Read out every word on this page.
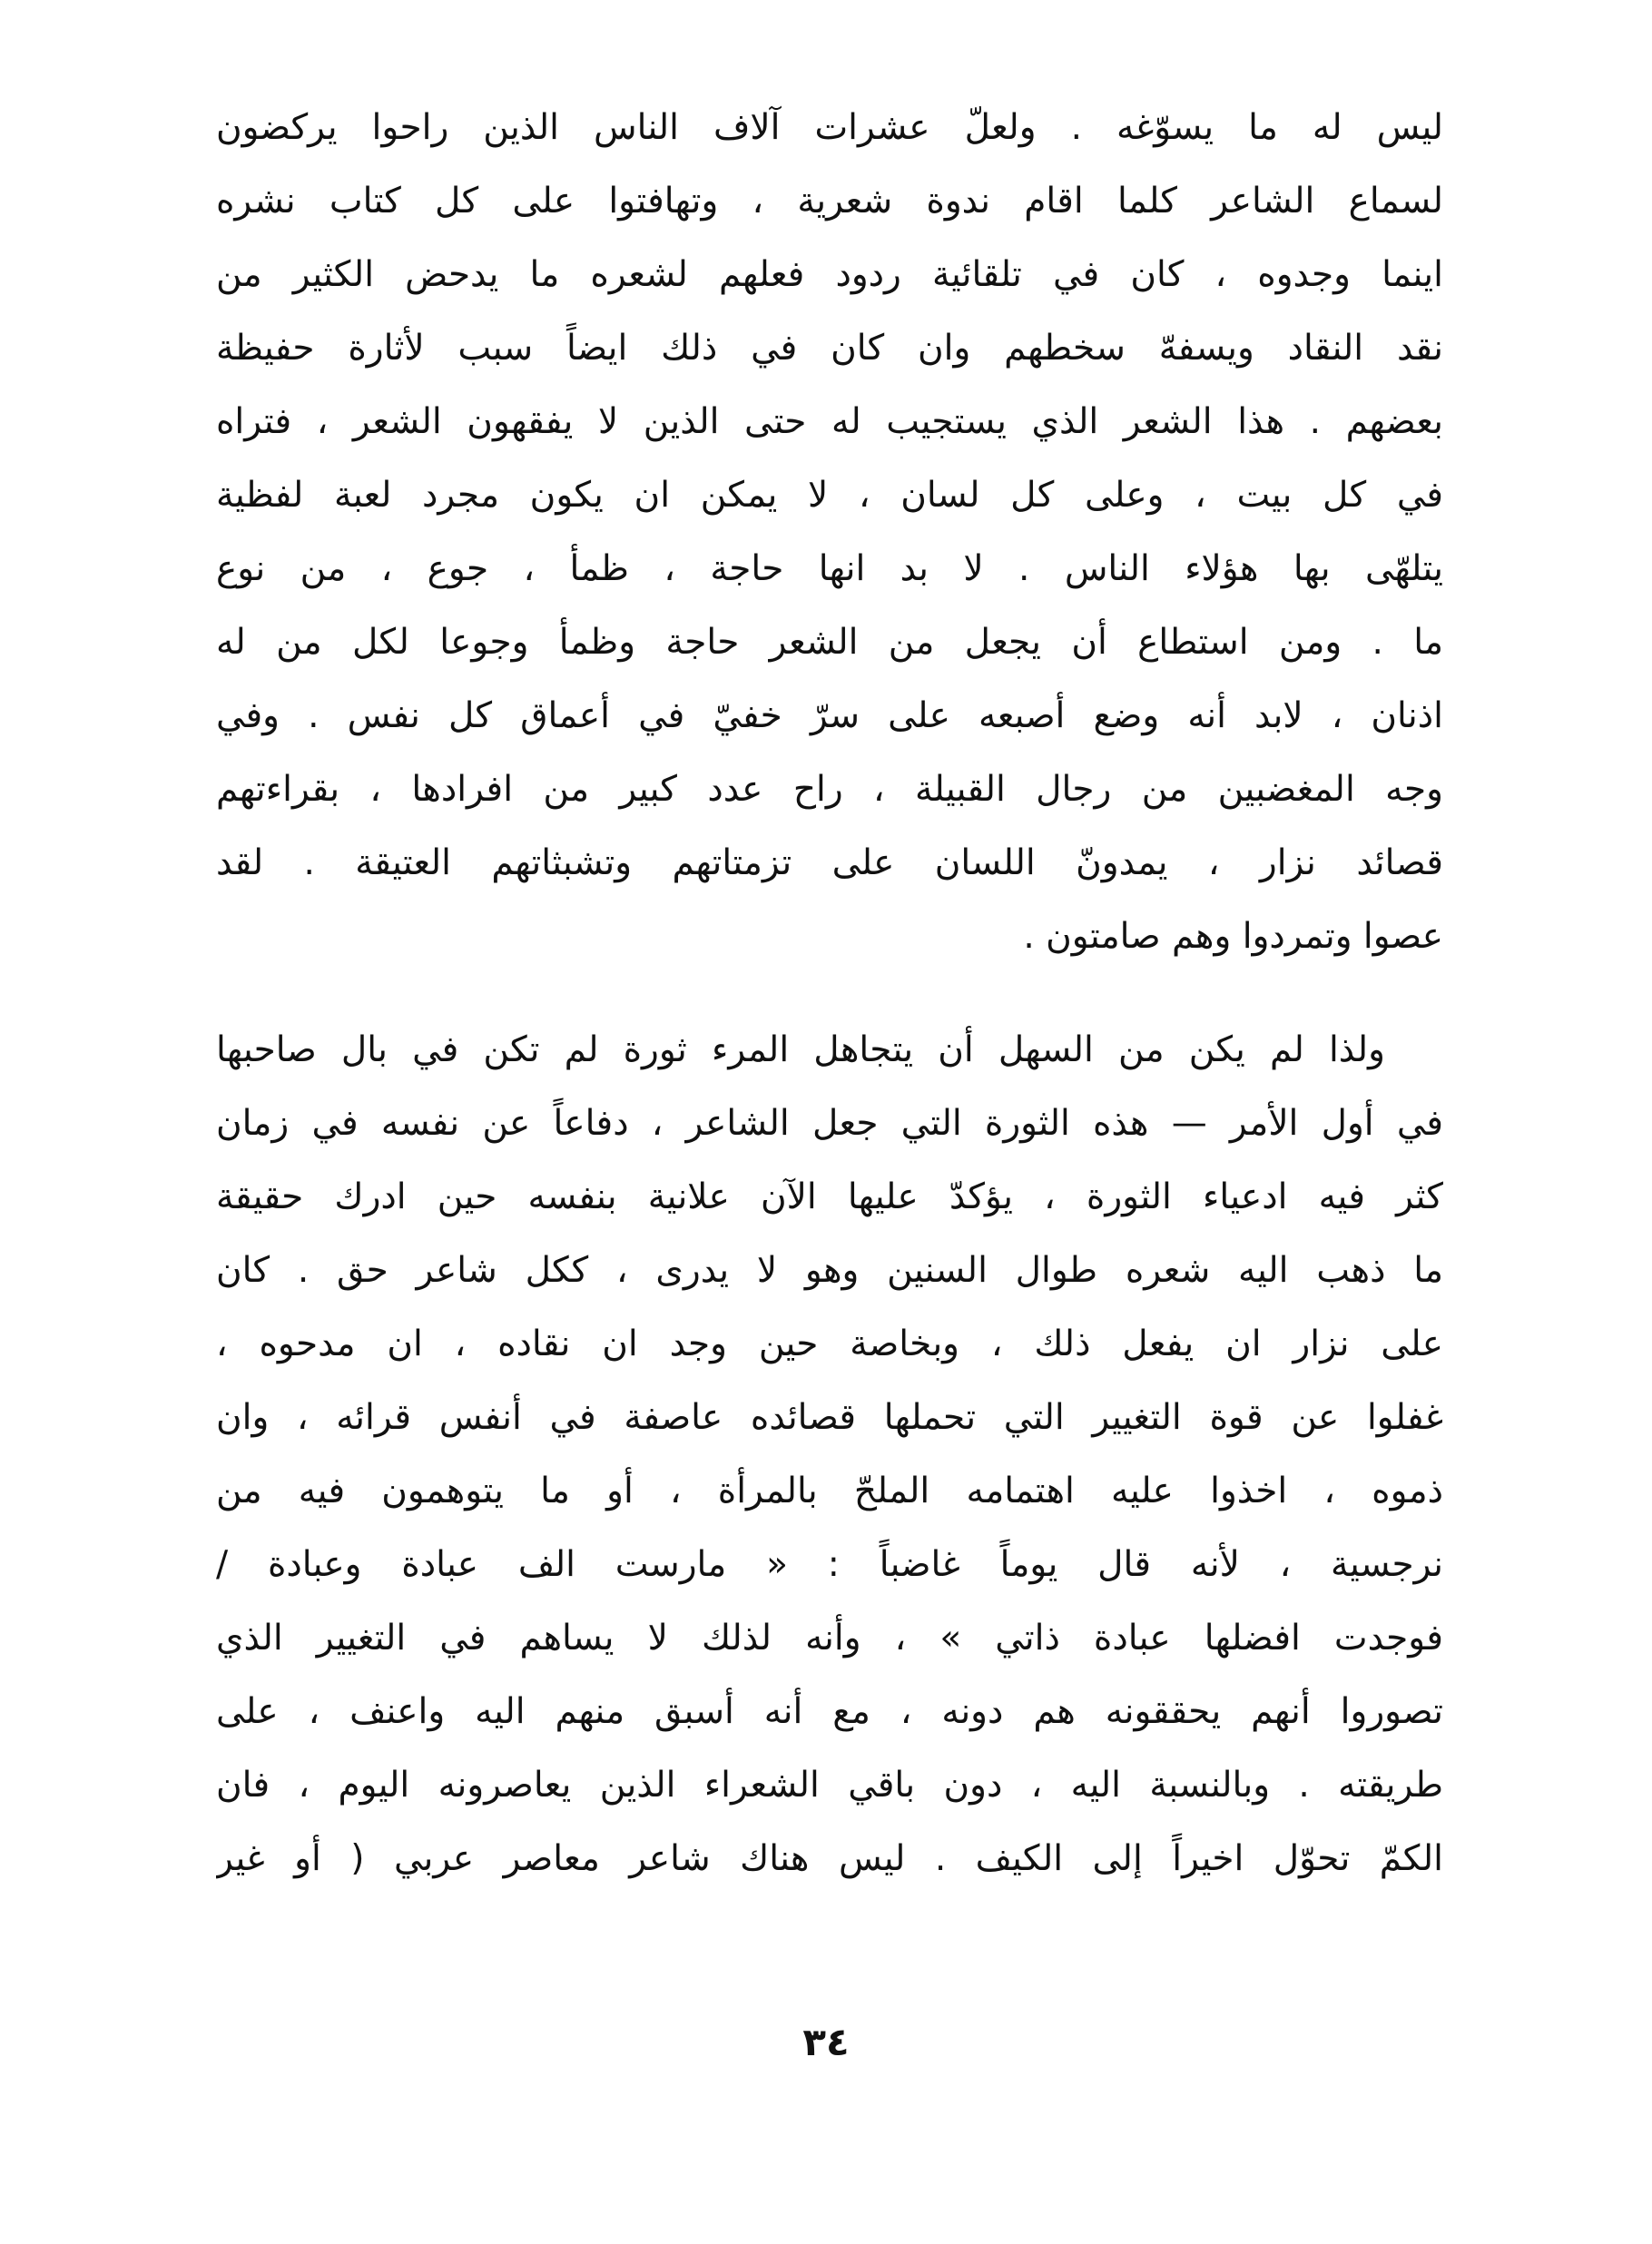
ليس له ما يسوّغه . ولعلّ عشرات آلاف الناس الذين راحوا يركضون
لسماع الشاعر كلما اقام ندوة شعرية ، وتهافتوا على كل كتاب نشره
اينما وجدوه ، كان في تلقائية ردود فعلهم لشعره ما يدحض الكثير من
نقد النقاد ويسفهّ سخطهم وان كان في ذلك ايضاً سبب لأثارة حفيظة
بعضهم . هذا الشعر الذي يستجيب له حتى الذين لا يفقهون الشعر ، فتراه
في كل بيت ، وعلى كل لسان ، لا يمكن ان يكون مجرد لعبة لفظية
يتلهّى بها هؤلاء الناس . لا بد انها حاجة ، ظمأ ، جوع ، من نوع
ما . ومن استطاع أن يجعل من الشعر حاجة وظمأ وجوعا لكل من له
اذنان ، لابد أنه وضع أصبعه على سرّ خفيّ في أعماق كل نفس . وفي
وجه المغضبين من رجال القبيلة ، راح عدد كبير من افرادها ، بقراءتهم
قصائد نزار ، يمدونّ اللسان على تزمتاتهم وتشبثاتهم العتيقة . لقد
عصوا وتمردوا وهم صامتون .
ولذا لم يكن من السهل أن يتجاهل المرء ثورة لم تكن في بال صاحبها
في أول الأمر — هذه الثورة التي جعل الشاعر ، دفاعاً عن نفسه في زمان
كثر فيه ادعياء الثورة ، يؤكدّ عليها الآن علانية بنفسه حين ادرك حقيقة
ما ذهب اليه شعره طوال السنين وهو لا يدرى ، ككل شاعر حق . كان
على نزار ان يفعل ذلك ، وبخاصة حين وجد ان نقاده ، ان مدحوه ،
غفلوا عن قوة التغيير التي تحملها قصائده عاصفة في أنفس قرائه ، وان
ذموه ، اخذوا عليه اهتمامه الملحّ بالمرأة ، أو ما يتوهمون فيه من
نرجسية ، لأنه قال يوماً غاضباً : « مارست الف عبادة وعبادة /
فوجدت افضلها عبادة ذاتي » ، وأنه لذلك لا يساهم في التغيير الذي
تصوروا أنهم يحققونه هم دونه ، مع أنه أسبق منهم اليه واعنف ، على
طريقته . وبالنسبة اليه ، دون باقي الشعراء الذين يعاصرونه اليوم ، فان
الكمّ تحوّل اخيراً إلى الكيف . ليس هناك شاعر معاصر عربي ( أو غير
٣٤
